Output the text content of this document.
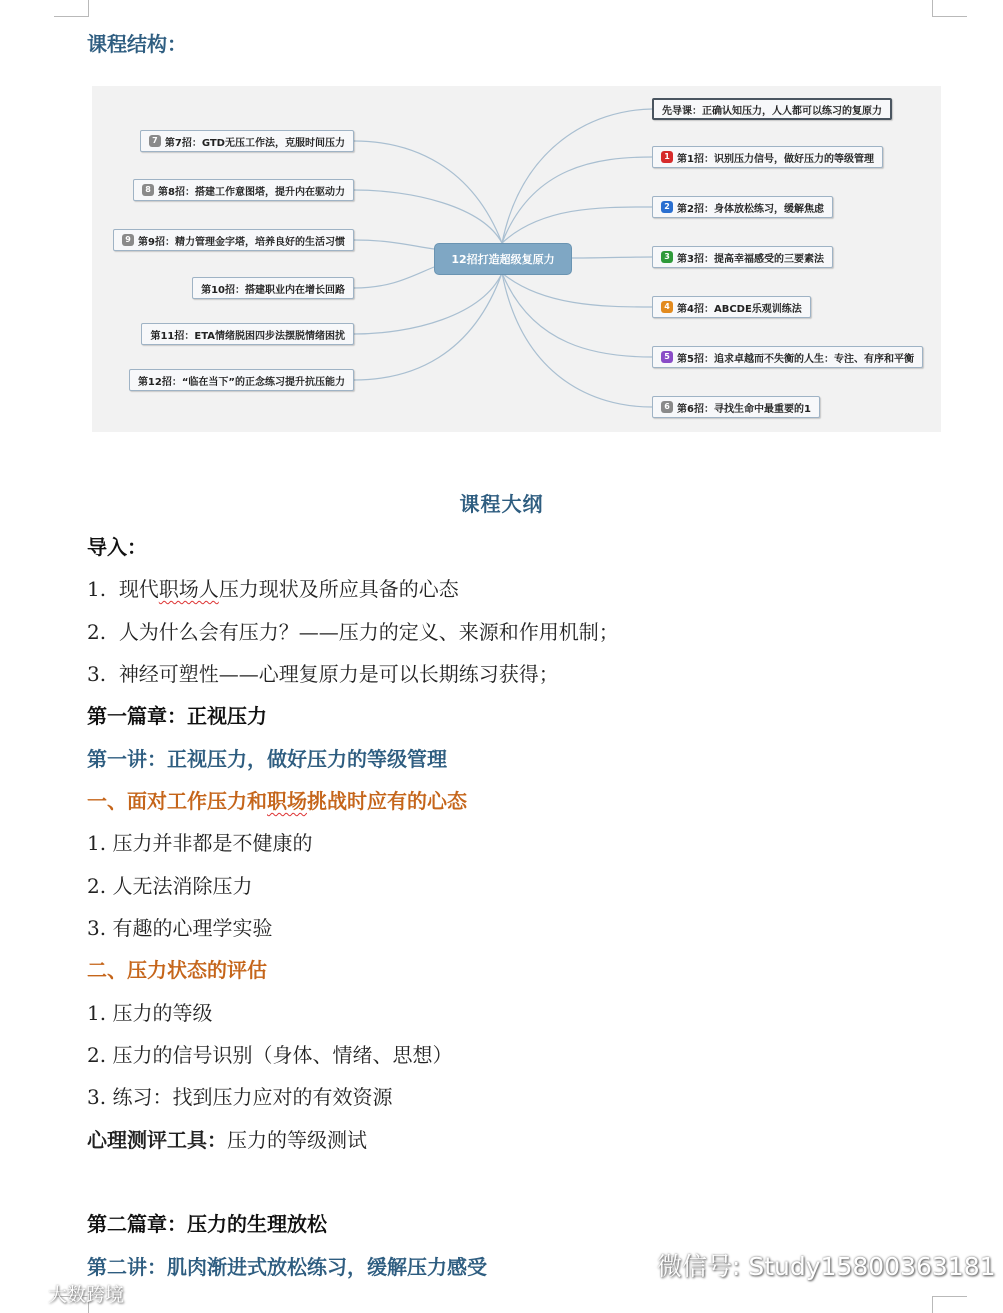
课程结构：
12招打造超级复原力
先导课：正确认知压力，人人都可以练习的复原力
1 第1招：识别压力信号，做好压力的等级管理
2 第2招：身体放松练习，缓解焦虑
3 第3招：提高幸福感受的三要素法
4 第4招：ABCDE乐观训练法
5 第5招：追求卓越而不失衡的人生：专注、有序和平衡
6 第6招：寻找生命中最重要的1
7 第7招：GTD无压工作法，克服时间压力
8 第8招：搭建工作意图塔，提升内在驱动力
9 第9招：精力管理金字塔，培养良好的生活习惯
第10招：搭建职业内在增长回路
第11招：ETA情绪脱困四步法摆脱情绪困扰
第12招：“临在当下”的正念练习提升抗压能力
课程大纲
导入：
1. 现代职场人压力现状及所应具备的心态
2. 人为什么会有压力？——压力的定义、来源和作用机制；
3. 神经可塑性——心理复原力是可以长期练习获得；
第一篇章：正视压力
第一讲：正视压力，做好压力的等级管理
一、面对工作压力和职场挑战时应有的心态
1. 压力并非都是不健康的
2. 人无法消除压力
3. 有趣的心理学实验
二、压力状态的评估
1. 压力的等级
2. 压力的信号识别（身体、情绪、思想）
3. 练习：找到压力应对的有效资源
心理测评工具：压力的等级测试
第二篇章：压力的生理放松
第二讲：肌肉渐进式放松练习，缓解压力感受	微信号: Study15800363181
大数跨境
